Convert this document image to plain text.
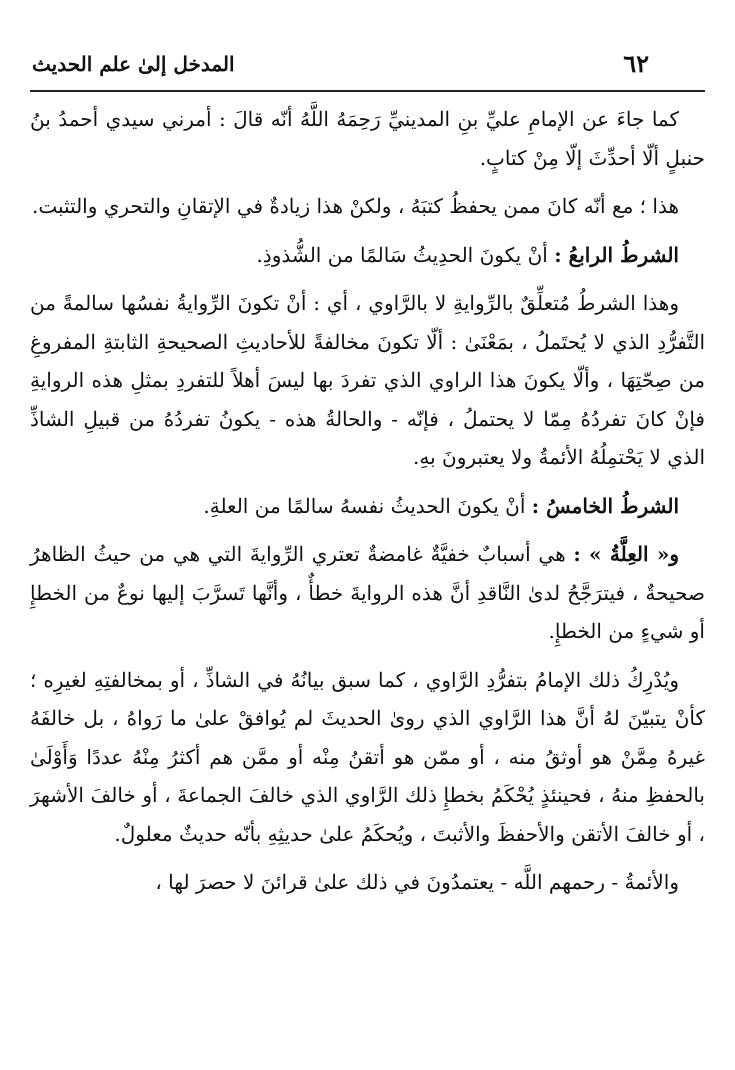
٦٢
المدخل إلىٰ علم الحديث

كما جاءَ عن الإمامِ عليِّ بنِ المدينيِّ رَحِمَهُ اللَّهُ أنّه قالَ : أمرني سيدي أحمدُ بنُ حنبلٍ ألّا أحدِّثَ إلّا مِنْ كتابٍ.

هذا ؛ مع أنّه كانَ ممن يحفظُ كتبَهُ ، ولكنْ هذا زيادةٌ في الإتقانِ والتحري والتثبت.

الشرطُ الرابعُ : أنْ يكونَ الحدِيثُ سَالمًا من الشُّذوذِ.

وهذا الشرطُ مُتعلِّقٌ بالرِّوايةِ لا بالرَّاوي ، أي : أنْ تكونَ الرِّوايةُ نفسُها سالمةً من التَّفرُّدِ الذي لا يُحتَملُ ، بمَعْنَىٰ : ألّا تكونَ مخالفةً للأحاديثِ الصحيحةِ الثابتةِ المفروغِ من صِحّتِهَا ، وألّا يكونَ هذا الراوي الذي تفردَ بها ليسَ أهلاً للتفردِ بمثلِ هذه الروايةِ فإنْ كانَ تفردُهُ مِمّا لا يحتملُ ، فإنّه - والحالةُ هذه - يكونُ تفردُهُ من قبيلِ الشاذِّ الذي لا يَحْتمِلُهُ الأئمةُ ولا يعتبرونَ بهِ.

الشرطُ الخامسُ : أنْ يكونَ الحديثُ نفسهُ سالمًا من العلةِ.

و« العِلَّةُ » : هي أسبابٌ خفيَّةٌ غامضةٌ تعتري الرِّوايةَ التي هي من حيثُ الظاهرُ صحيحةٌ ، فيترَجَّحُ لدىٰ النَّاقدِ أنَّ هذه الروايةَ خطأٌ ، وأنَّها تَسرَّبَ إليها نوعٌ من الخطإِ أو شيءٍ من الخطإِ.

ويُدْرِكُ ذلك الإمامُ بتفرُّدِ الرَّاوي ، كما سبق بيانُهُ في الشاذِّ ، أو بمخالفتِهِ لغيرِه ؛ كأنْ يتبيّنَ لهُ أنَّ هذا الرَّاوي الذي روىٰ الحديثَ لم يُوافقْ علىٰ ما رَواهُ ، بل خالفَهُ غيرهُ مِمَّنْ هو أوثقُ منه ، أو ممّن هو أتقنُ مِنْه أو ممَّن هم أكثرُ مِنْهُ عددًا وَأَوْلَىٰ بالحفظِ منهُ ، فحينئذٍ يُحْكَمُ بخطإِ ذلك الرَّاوي الذي خالفَ الجماعةَ ، أو خالفَ الأشهرَ ، أو خالفَ الأتقن والأحفظَ والأثبتَ ، ويُحكَمُ علىٰ حديثِهِ بأنّه حديثٌ معلولٌ.

والأئمةُ - رحمهم اللَّه - يعتمدُونَ في ذلك علىٰ قرائنَ لا حصرَ لها ،
